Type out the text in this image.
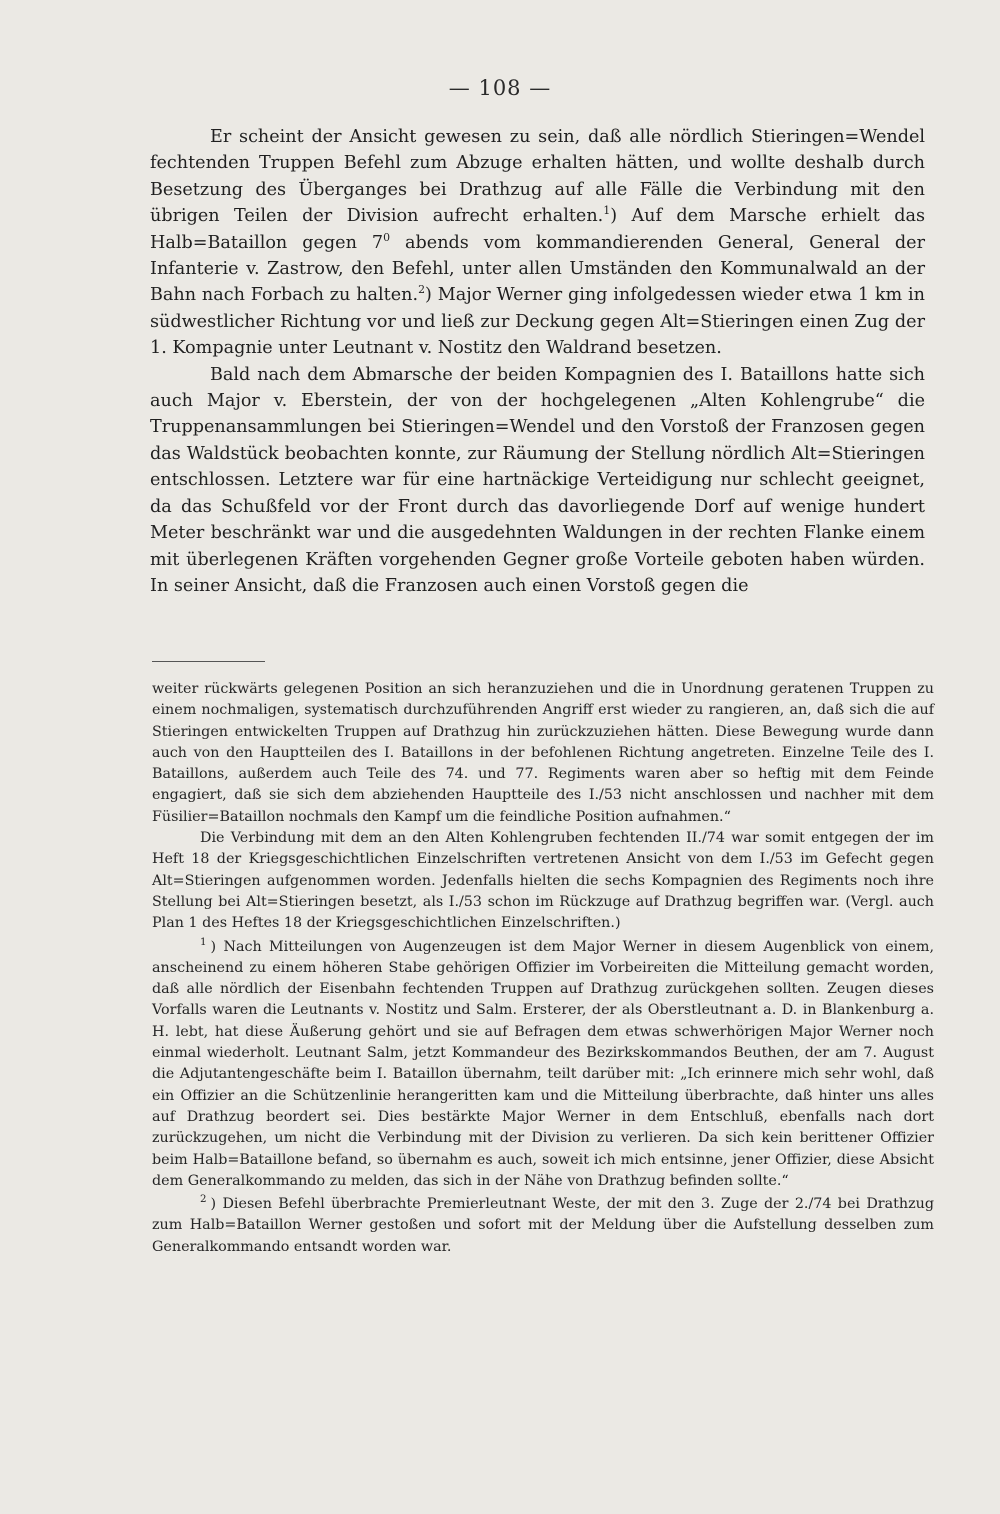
— 108 —

Er scheint der Ansicht gewesen zu sein, daß alle nördlich Stieringen=Wendel fechtenden Truppen Befehl zum Abzuge erhalten hätten, und wollte deshalb durch Besetzung des Überganges bei Drathzug auf alle Fälle die Verbindung mit den übrigen Teilen der Division aufrecht erhalten.$^1$) Auf dem Marsche erhielt das Halb=Bataillon gegen $7^0$ abends vom kommandierenden General, General der Infanterie v. Zastrow, den Befehl, unter allen Umständen den Kommunalwald an der Bahn nach Forbach zu halten.$^2$) Major Werner ging infolgedessen wieder etwa 1 km in südwestlicher Richtung vor und ließ zur Deckung gegen Alt=Stieringen einen Zug der 1. Kompagnie unter Leutnant v. Nostitz den Waldrand besetzen.

Bald nach dem Abmarsche der beiden Kompagnien des I. Bataillons hatte sich auch Major v. Eberstein, der von der hochgelegenen „Alten Kohlengrube“ die Truppenansammlungen bei Stieringen=Wendel und den Vorstoß der Franzosen gegen das Waldstück beobachten konnte, zur Räumung der Stellung nördlich Alt=Stieringen entschlossen. Letztere war für eine hartnäckige Verteidigung nur schlecht geeignet, da das Schußfeld vor der Front durch das davorliegende Dorf auf wenige hundert Meter beschränkt war und die ausgedehnten Waldungen in der rechten Flanke einem mit überlegenen Kräften vorgehenden Gegner große Vorteile geboten haben würden. In seiner Ansicht, daß die Franzosen auch einen Vorstoß gegen die

weiter rückwärts gelegenen Position an sich heranzuziehen und die in Unordnung geratenen Truppen zu einem nochmaligen, systematisch durchzuführenden Angriff erst wieder zu rangieren, an, daß sich die auf Stieringen entwickelten Truppen auf Drathzug hin zurückzuziehen hätten. Diese Bewegung wurde dann auch von den Hauptteilen des I. Bataillons in der befohlenen Richtung angetreten. Einzelne Teile des I. Bataillons, außerdem auch Teile des 74. und 77. Regiments waren aber so heftig mit dem Feinde engagiert, daß sie sich dem abziehenden Hauptteile des I./53 nicht anschlossen und nachher mit dem Füsilier=Bataillon nochmals den Kampf um die feindliche Position aufnahmen.“

Die Verbindung mit dem an den Alten Kohlengruben fechtenden II./74 war somit entgegen der im Heft 18 der Kriegsgeschichtlichen Einzelschriften vertretenen Ansicht von dem I./53 im Gefecht gegen Alt=Stieringen aufgenommen worden. Jedenfalls hielten die sechs Kompagnien des Regiments noch ihre Stellung bei Alt=Stieringen besetzt, als I./53 schon im Rückzuge auf Drathzug begriffen war. (Vergl. auch Plan 1 des Heftes 18 der Kriegsgeschichtlichen Einzelschriften.)

$^1$ ) Nach Mitteilungen von Augenzeugen ist dem Major Werner in diesem Augenblick von einem, anscheinend zu einem höheren Stabe gehörigen Offizier im Vorbeireiten die Mitteilung gemacht worden, daß alle nördlich der Eisenbahn fechtenden Truppen auf Drathzug zurückgehen sollten. Zeugen dieses Vorfalls waren die Leutnants v. Nostitz und Salm. Ersterer, der als Oberstleutnant a. D. in Blankenburg a. H. lebt, hat diese Äußerung gehört und sie auf Befragen dem etwas schwerhörigen Major Werner noch einmal wiederholt. Leutnant Salm, jetzt Kommandeur des Bezirkskommandos Beuthen, der am 7. August die Adjutantengeschäfte beim I. Bataillon übernahm, teilt darüber mit: „Ich erinnere mich sehr wohl, daß ein Offizier an die Schützenlinie herangeritten kam und die Mitteilung überbrachte, daß hinter uns alles auf Drathzug beordert sei. Dies bestärkte Major Werner in dem Entschluß, ebenfalls nach dort zurückzugehen, um nicht die Verbindung mit der Division zu verlieren. Da sich kein berittener Offizier beim Halb=Bataillone befand, so übernahm es auch, soweit ich mich entsinne, jener Offizier, diese Absicht dem Generalkommando zu melden, das sich in der Nähe von Drathzug befinden sollte.“

$^2$ ) Diesen Befehl überbrachte Premierleutnant Weste, der mit den 3. Zuge der 2./74 bei Drathzug zum Halb=Bataillon Werner gestoßen und sofort mit der Meldung über die Aufstellung desselben zum Generalkommando entsandt worden war.
